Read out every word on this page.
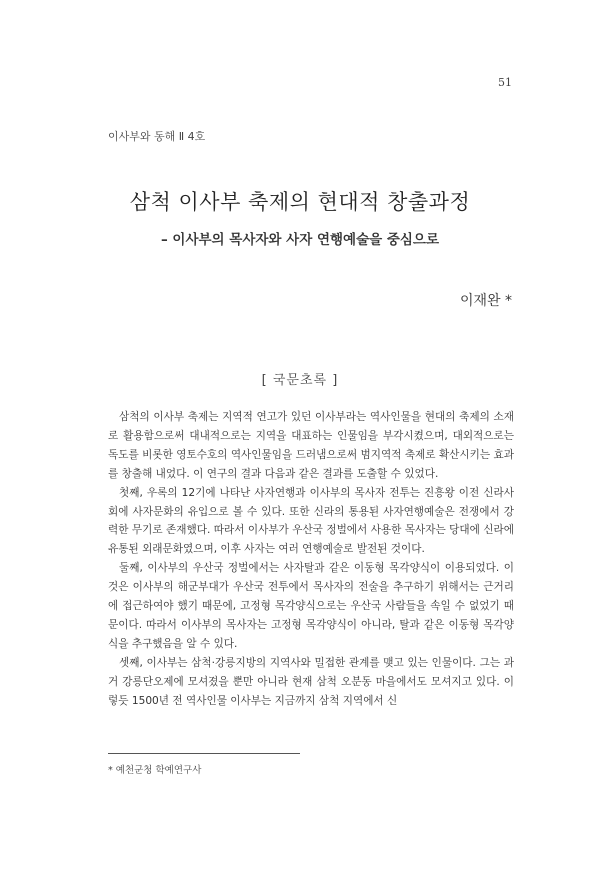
51
이사부와 동해 Ⅱ 4호
삼척 이사부 축제의 현대적 창출과정

– 이사부의 목사자와 사자 연행예술을 중심으로

이재완 *
[ 국문초록 ]

삼척의 이사부 축제는 지역적 연고가 있던 이사부라는 역사인물을 현대의 축제의 소재로 활용함으로써 대내적으로는 지역을 대표하는 인물임을 부각시켰으며, 대외적으로는 독도를 비롯한 영토수호의 역사인물임을 드러냄으로써 범지역적 축제로 확산시키는 효과를 창출해 내었다. 이 연구의 결과 다음과 같은 결과를 도출할 수 있었다.

첫째, 우록의 12기에 나타난 사자연행과 이사부의 목사자 전투는 진흥왕 이전 신라사회에 사자문화의 유입으로 볼 수 있다. 또한 신라의 통용된 사자연행예술은 전쟁에서 강력한 무기로 존재했다. 따라서 이사부가 우산국 정벌에서 사용한 목사자는 당대에 신라에 유통된 외래문화였으며, 이후 사자는 여러 연행예술로 발전된 것이다.

둘째, 이사부의 우산국 정벌에서는 사자탈과 같은 이동형 목각양식이 이용되었다. 이것은 이사부의 해군부대가 우산국 전투에서 목사자의 전술을 추구하기 위해서는 근거리에 접근하여야 했기 때문에, 고정형 목각양식으로는 우산국 사람들을 속일 수 없었기 때문이다. 따라서 이사부의 목사자는 고정형 목각양식이 아니라, 탈과 같은 이동형 목각양식을 추구했음을 알 수 있다.

셋째, 이사부는 삼척·강릉지방의 지역사와 밀접한 관계를 맺고 있는 인물이다. 그는 과거 강릉단오제에 모셔졌을 뿐만 아니라 현재 삼척 오분동 마을에서도 모셔지고 있다. 이렇듯 1500년 전 역사인물 이사부는 지금까지 삼척 지역에서 신

* 예천군청 학예연구사
